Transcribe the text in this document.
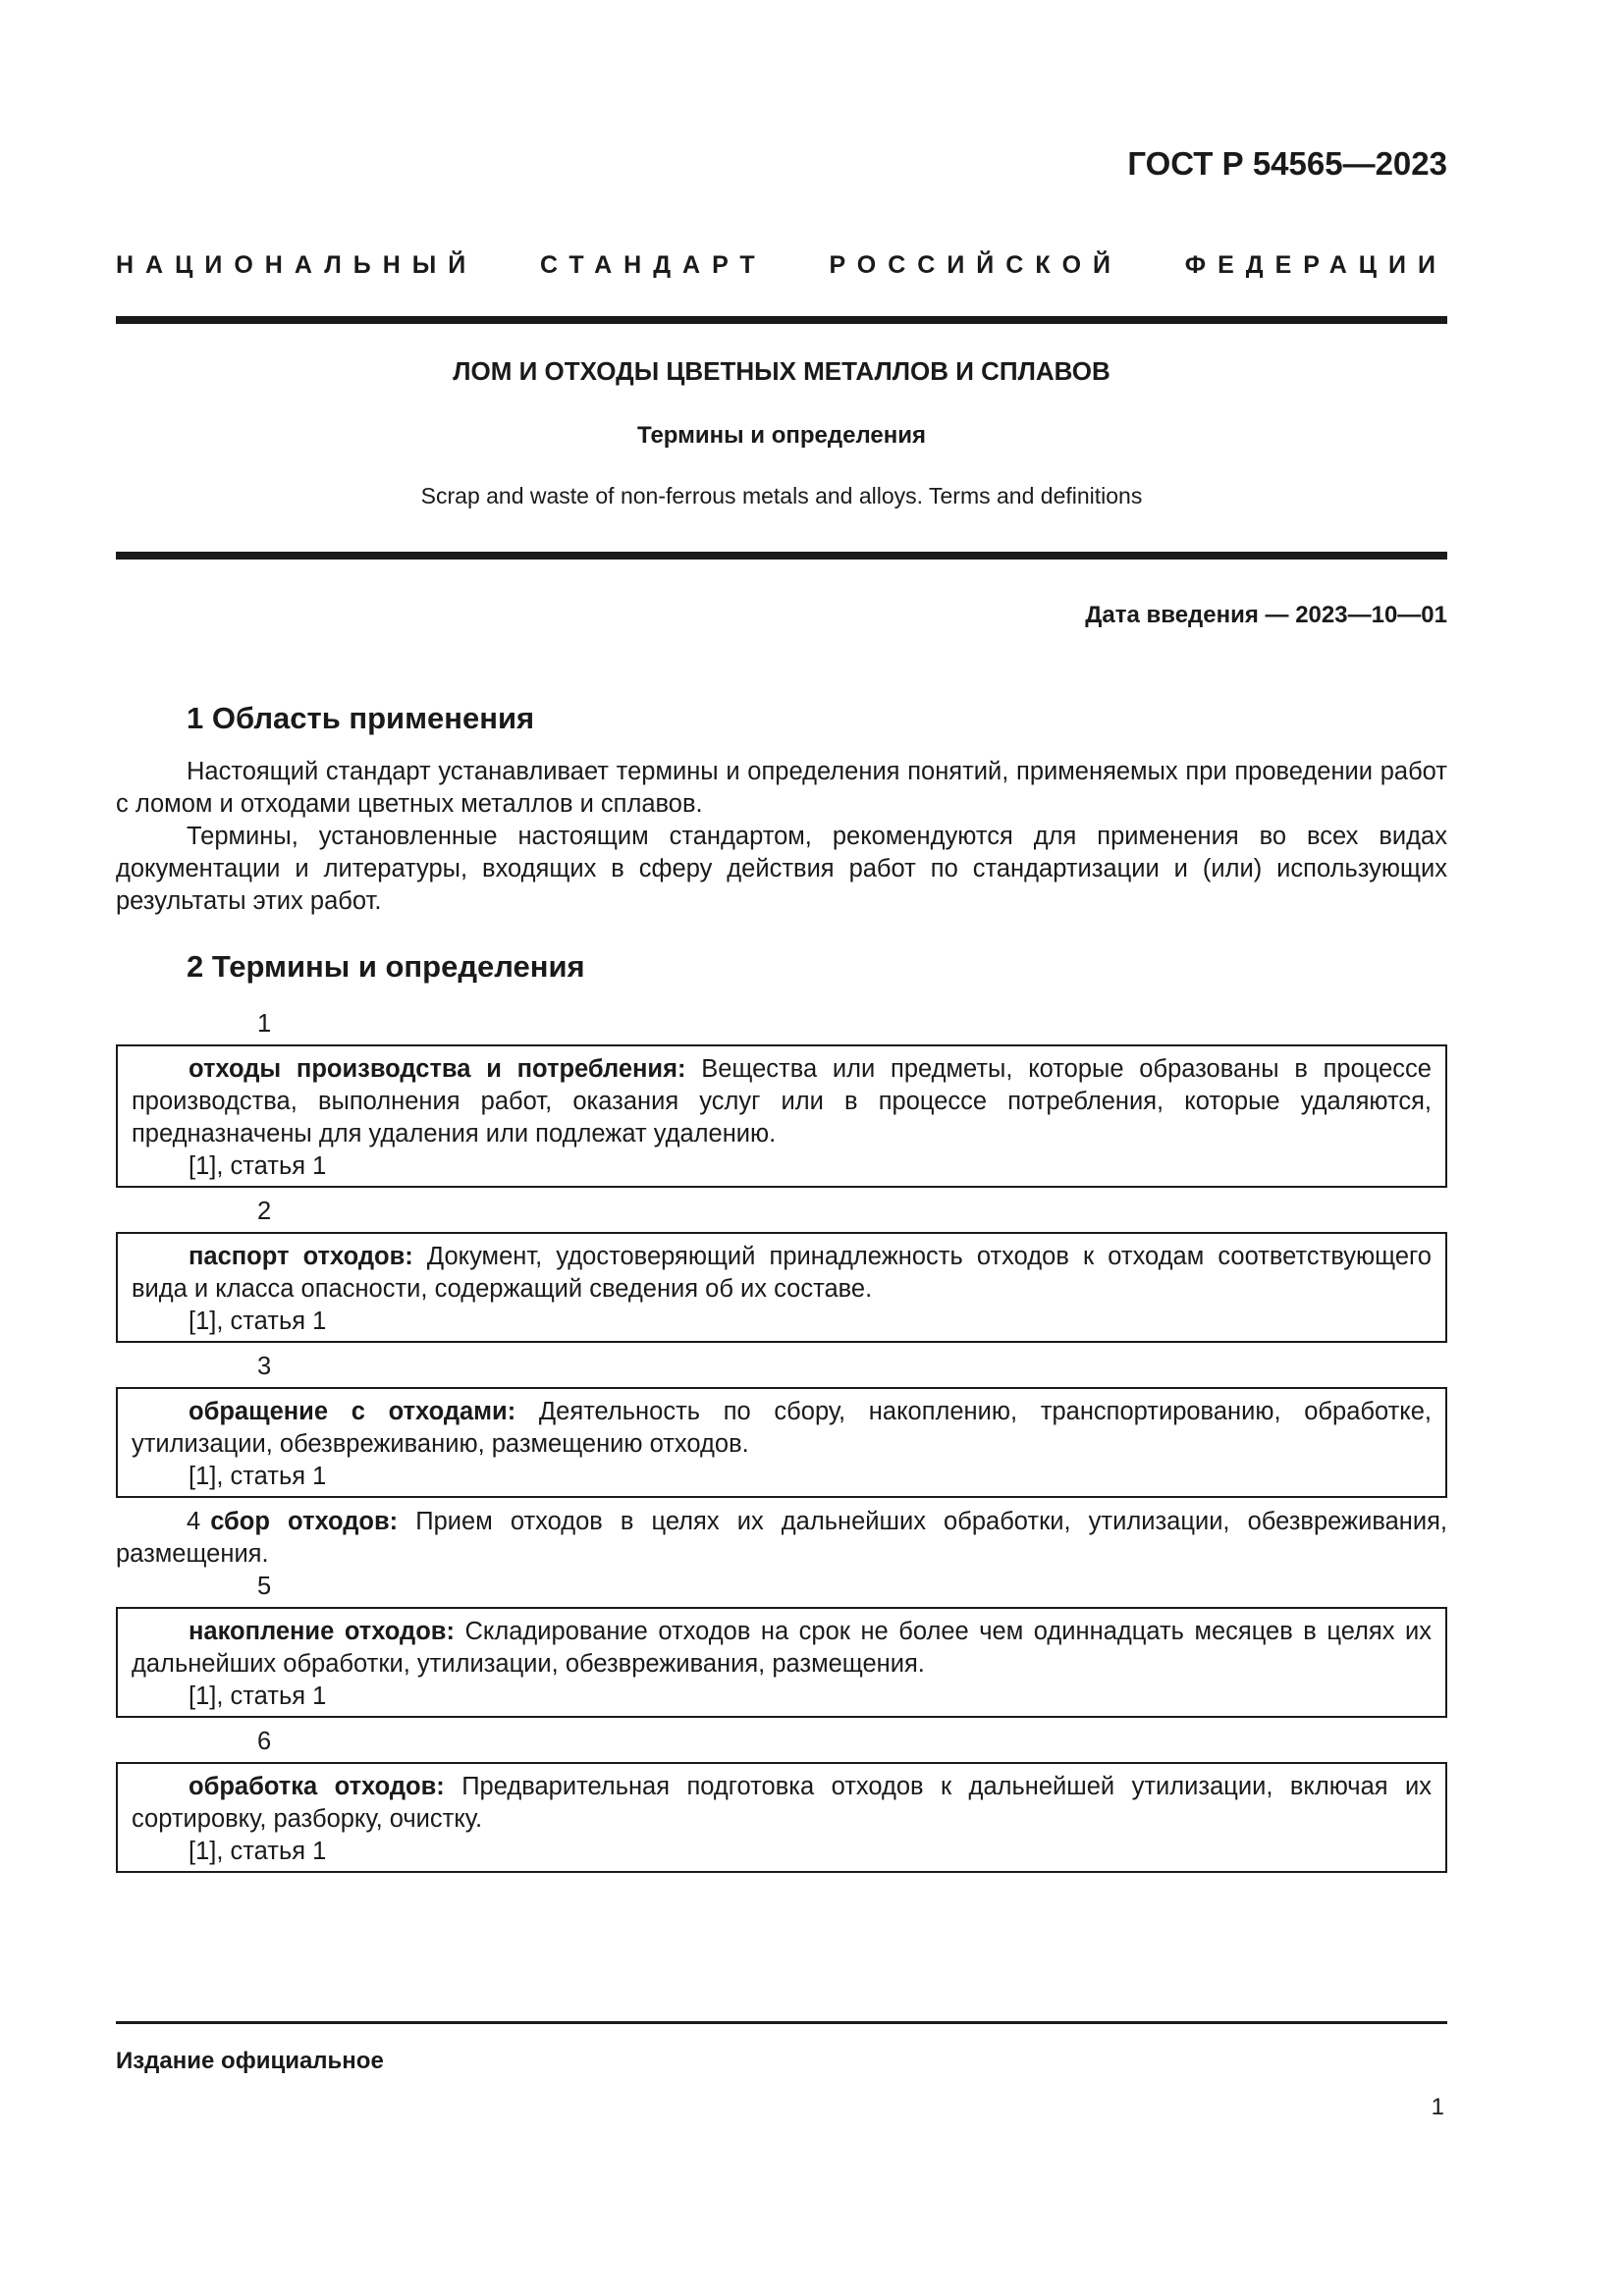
ГОСТ Р 54565—2023

НАЦИОНАЛЬНЫЙ СТАНДАРТ РОССИЙСКОЙ ФЕДЕРАЦИИ

ЛОМ И ОТХОДЫ ЦВЕТНЫХ МЕТАЛЛОВ И СПЛАВОВ

Термины и определения

Scrap and waste of non-ferrous metals and alloys. Terms and definitions

Дата введения — 2023—10—01

1 Область применения

Настоящий стандарт устанавливает термины и определения понятий, применяемых при проведении работ с ломом и отходами цветных металлов и сплавов.

Термины, установленные настоящим стандартом, рекомендуются для применения во всех видах документации и литературы, входящих в сферу действия работ по стандартизации и (или) использующих результаты этих работ.

2 Термины и определения

1

отходы производства и потребления: Вещества или предметы, которые образованы в процессе производства, выполнения работ, оказания услуг или в процессе потребления, которые удаляются, предназначены для удаления или подлежат удалению.

[1], статья 1

2

паспорт отходов: Документ, удостоверяющий принадлежность отходов к отходам соответствующего вида и класса опасности, содержащий сведения об их составе.

[1], статья 1

3

обращение с отходами: Деятельность по сбору, накоплению, транспортированию, обработке, утилизации, обезвреживанию, размещению отходов.

[1], статья 1

4 сбор отходов: Прием отходов в целях их дальнейших обработки, утилизации, обезвреживания, размещения.

5

накопление отходов: Складирование отходов на срок не более чем одиннадцать месяцев в целях их дальнейших обработки, утилизации, обезвреживания, размещения.

[1], статья 1

6

обработка отходов: Предварительная подготовка отходов к дальнейшей утилизации, включая их сортировку, разборку, очистку.

[1], статья 1

Издание официальное

1
